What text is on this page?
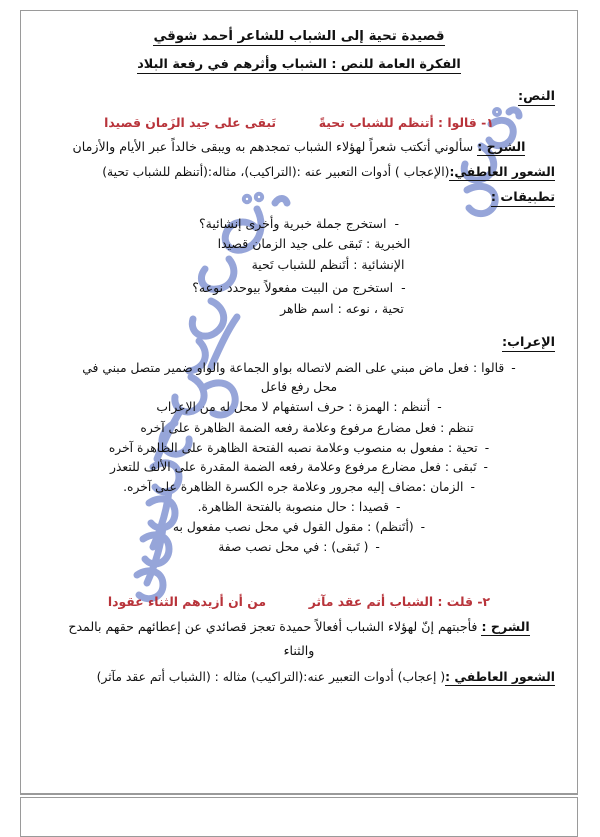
قصيدة تحية إلى الشباب للشاعر أحمد شوقي

الفكرة العامة للنص : الشباب وأثرهم في رفعة البلاد

النص:

١- قالوا : أتنظم للشباب تحيةً  تَبقى على جيد الزَمان قصيدا

الشرح : سألوني أتكتب شعراً لهؤلاء الشباب تمجدهم به ويبقى خالداً عبر الأيام والأزمان

الشعور العاطفي:(الإعجاب ) أدوات التعبير عنه :(التراكيب)، مثاله:(أتنظم للشباب تحية)

تطبيقات :

-استخرج جملة خبرية وأخرى إنشائية؟

الخبرية : تَبقى على جيد الزمان قصيدا

الإنشائية : أتَنظم للشباب تَحية

-استخرج من البيت مفعولاً بيوحدد نوعه؟

تحية ، نوعه : اسم ظاهر

الإعراب:

-قالوا : فعل ماض مبني على الضم لاتصاله بواو الجماعة والواو ضمير متصل مبني في

محل رفع فاعل

-أتنظم : الهمزة : حرف استفهام لا محل له من الإعراب

تنظم : فعل مضارع مرفوع وعلامة رفعه الضمة الظاهرة على آخره

-تحية : مفعول به منصوب وعلامة نصبه الفتحة الظاهرة على الظاهرة آخره

-تَبقى : فعل مضارع مرفوع وعلامة رفعه الضمة المقدرة على الألف للتعذر

-الزمان :مضاف إليه مجرور وعلامة جره الكسرة الظاهرة على آخره.

-قصيدا : حال منصوبة بالفتحة الظاهرة.

-(أتَنظم) : مقول القول في محل نصب مفعول به

-( تَبقى) : في محل نصب صفة

٢- قلت : الشباب أتم عقد مآثر  من أن أزيدهم الثناء عقودا

الشرح : فأجبتهم إنّ لهؤلاء الشباب أفعالاً حميدة تعجز قصائدي عن إعطائهم حقهم بالمدح

والثناء

الشعور العاطفي :( إعجاب) أدوات التعبير عنه:(التراكيب) مثاله : (الشباب أتم عقد مآثر)
